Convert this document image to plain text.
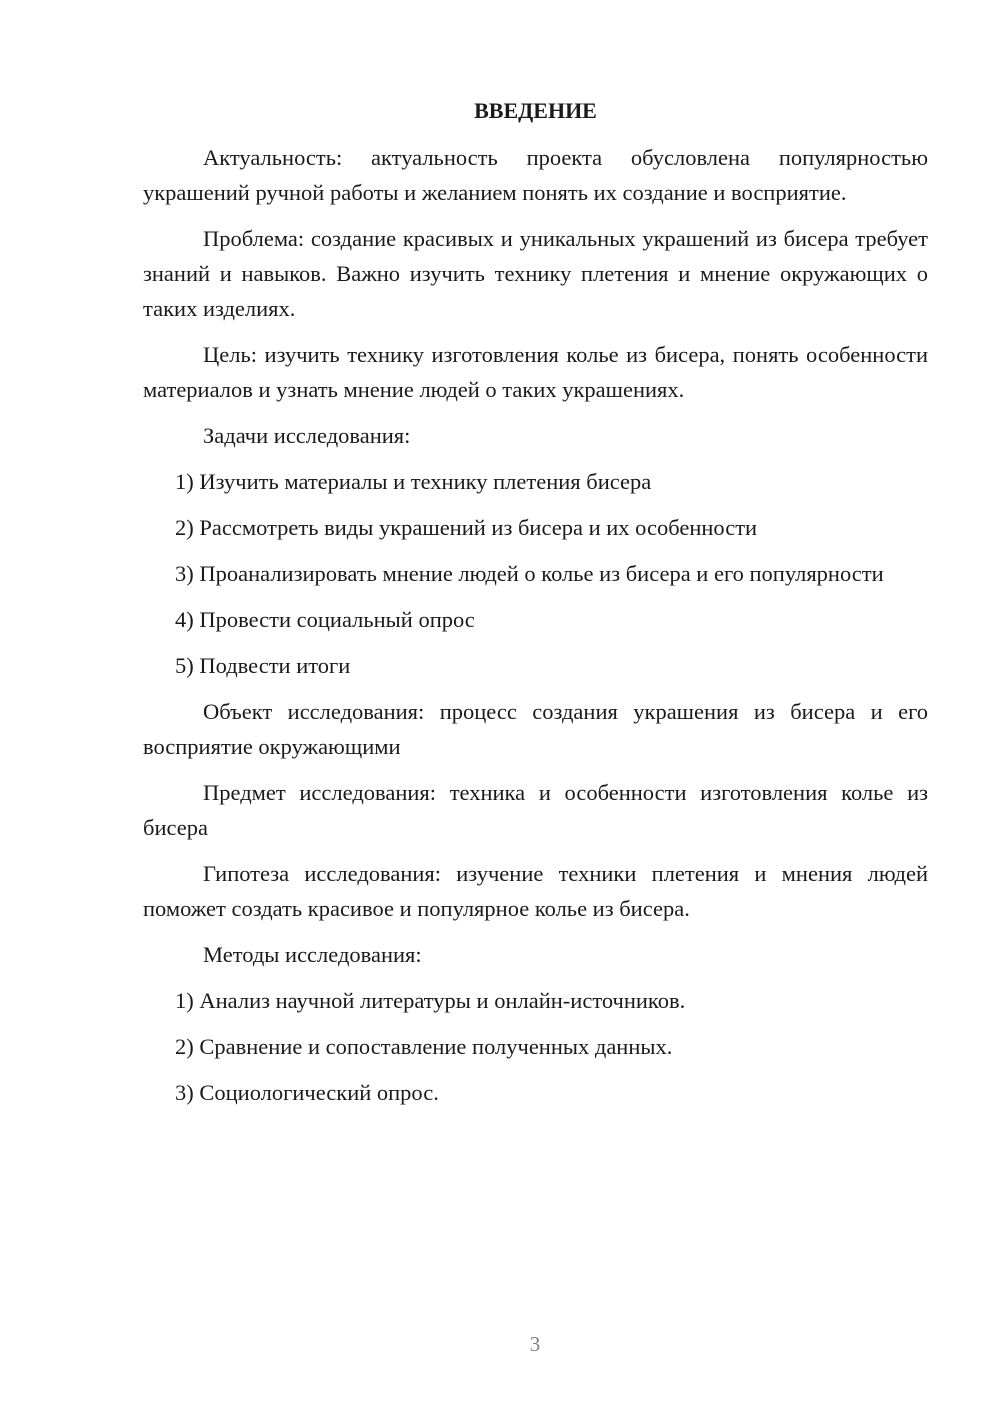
ВВЕДЕНИЕ

Актуальность: актуальность проекта обусловлена популярностью украшений ручной работы и желанием понять их создание и восприятие.

Проблема: создание красивых и уникальных украшений из бисера требует знаний и навыков. Важно изучить технику плетения и мнение окружающих о таких изделиях.

Цель: изучить технику изготовления колье из бисера, понять особенности материалов и узнать мнение людей о таких украшениях.

Задачи исследования:

1) Изучить материалы и технику плетения бисера

2) Рассмотреть виды украшений из бисера и их особенности

3) Проанализировать мнение людей о колье из бисера и его популярности

4) Провести социальный опрос

5) Подвести итоги

Объект исследования: процесс создания украшения из бисера и его восприятие окружающими

Предмет исследования: техника и особенности изготовления колье из бисера

Гипотеза исследования: изучение техники плетения и мнения людей поможет создать красивое и популярное колье из бисера.

Методы исследования:

1) Анализ научной литературы и онлайн-источников.

2) Сравнение и сопоставление полученных данных.

3) Социологический опрос.

3
